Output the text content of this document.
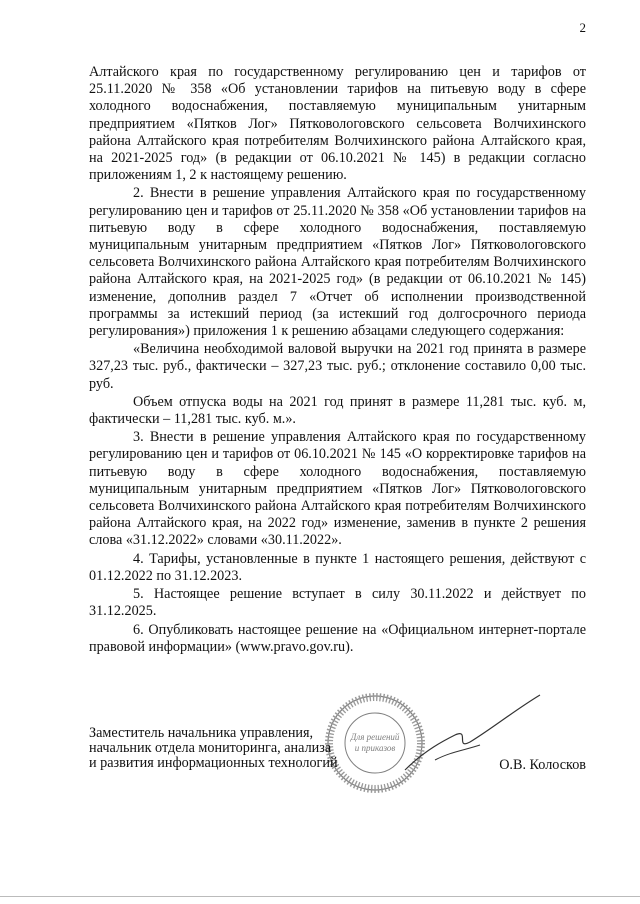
2

Алтайского края по государственному регулированию цен и тарифов от 25.11.2020 № 358 «Об установлении тарифов на питьевую воду в сфере холодного водоснабжения, поставляемую муниципальным унитарным предприятием «Пятков Лог» Пятковологовского сельсовета Волчихинского района Алтайского края потребителям Волчихинского района Алтайского края, на 2021-2025 год» (в редакции от 06.10.2021 № 145) в редакции согласно приложениям 1, 2 к настоящему решению.

2. Внести в решение управления Алтайского края по государственному регулированию цен и тарифов от 25.11.2020 № 358 «Об установлении тарифов на питьевую воду в сфере холодного водоснабжения, поставляемую муниципальным унитарным предприятием «Пятков Лог» Пятковологовского сельсовета Волчихинского района Алтайского края потребителям Волчихинского района Алтайского края, на 2021-2025 год» (в редакции от 06.10.2021 № 145) изменение, дополнив раздел 7 «Отчет об исполнении производственной программы за истекший период (за истекший год долгосрочного периода регулирования») приложения 1 к решению абзацами следующего содержания:

«Величина необходимой валовой выручки на 2021 год принята в размере 327,23 тыс. руб., фактически – 327,23 тыс. руб.; отклонение составило 0,00 тыс. руб.

Объем отпуска воды на 2021 год принят в размере 11,281 тыс. куб. м, фактически – 11,281 тыс. куб. м.».

3. Внести в решение управления Алтайского края по государственному регулированию цен и тарифов от 06.10.2021 № 145 «О корректировке тарифов на питьевую воду в сфере холодного водоснабжения, поставляемую муниципальным унитарным предприятием «Пятков Лог» Пятковологовского сельсовета Волчихинского района Алтайского края потребителям Волчихинского района Алтайского края, на 2022 год» изменение, заменив в пункте 2 решения слова «31.12.2022» словами «30.11.2022».

4. Тарифы, установленные в пункте 1 настоящего решения, действуют с 01.12.2022 по 31.12.2023.

5. Настоящее решение вступает в силу 30.11.2022 и действует по 31.12.2025.

6. Опубликовать настоящее решение на «Официальном интернет-портале правовой информации» (www.pravo.gov.ru).

Для решений
и приказов
Заместитель начальника управления,
начальник отдела мониторинга, анализа
и развития информационных технологий	О.В. Колосков
